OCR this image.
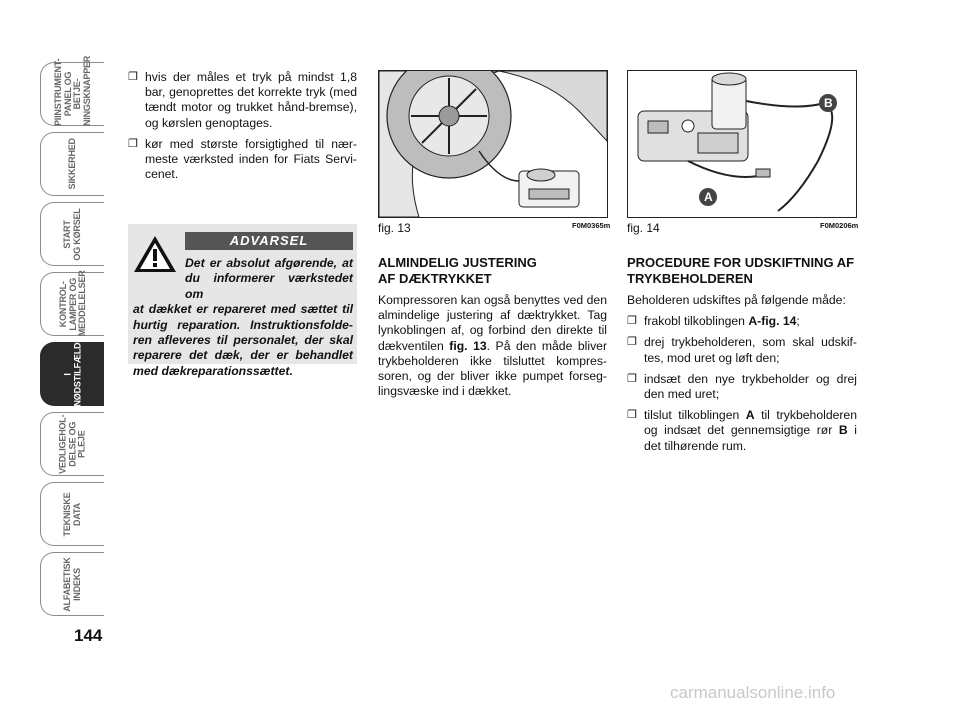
PIINSTRUMENT-
PANEL OG BETJE-
NINGSKNAPPER
SIKKERHED
START
OG KØRSEL
KONTROL-
LAMPER OG
MEDDELELSER
I
NØDSTILFÆLDE
VEDLIGEHOL-
DELSE OG
PLEJE
TEKNISKE
DATA
ALFABETISK
INDEKS
144

❐ hvis der måles et tryk på mindst 1,8 bar, genoprettes det korrekte tryk (med tændt motor og trukket hånd-bremse), og kørslen genoptages.

❐ kør med største forsigtighed til nær-meste værksted inden for Fiats Servi-cenet.

ADVARSEL
Det er absolut afgørende, at du informerer værkstedet om
at dækket er repareret med sættet til hurtig reparation. Instruktionsfolde-ren afleveres til personalet, der skal reparere det dæk, der er behandlet med dækreparationssættet.
fig. 13	F0M0365m
ALMINDELIG JUSTERING
AF DÆKTRYKKET

Kompressoren kan også benyttes ved den almindelige justering af dæktrykket. Tag lynkoblingen af, og forbind den direkte til dækventilen fig. 13. På den måde bliver trykbeholderen ikke tilsluttet kompres-soren, og der bliver ikke pumpet forseg-lingsvæske ind i dækket.

B
A
fig. 14	F0M0206m
PROCEDURE FOR UDSKIFTNING AF TRYKBEHOLDEREN

Beholderen udskiftes på følgende måde:

❐ frakobl tilkoblingen A-fig. 14;

❐ drej trykbeholderen, som skal udskif-tes, mod uret og løft den;

❐ indsæt den nye trykbeholder og drej den med uret;

❐ tilslut tilkoblingen A til trykbeholderen og indsæt det gennemsigtige rør B i det tilhørende rum.

carmanualsonline.info
